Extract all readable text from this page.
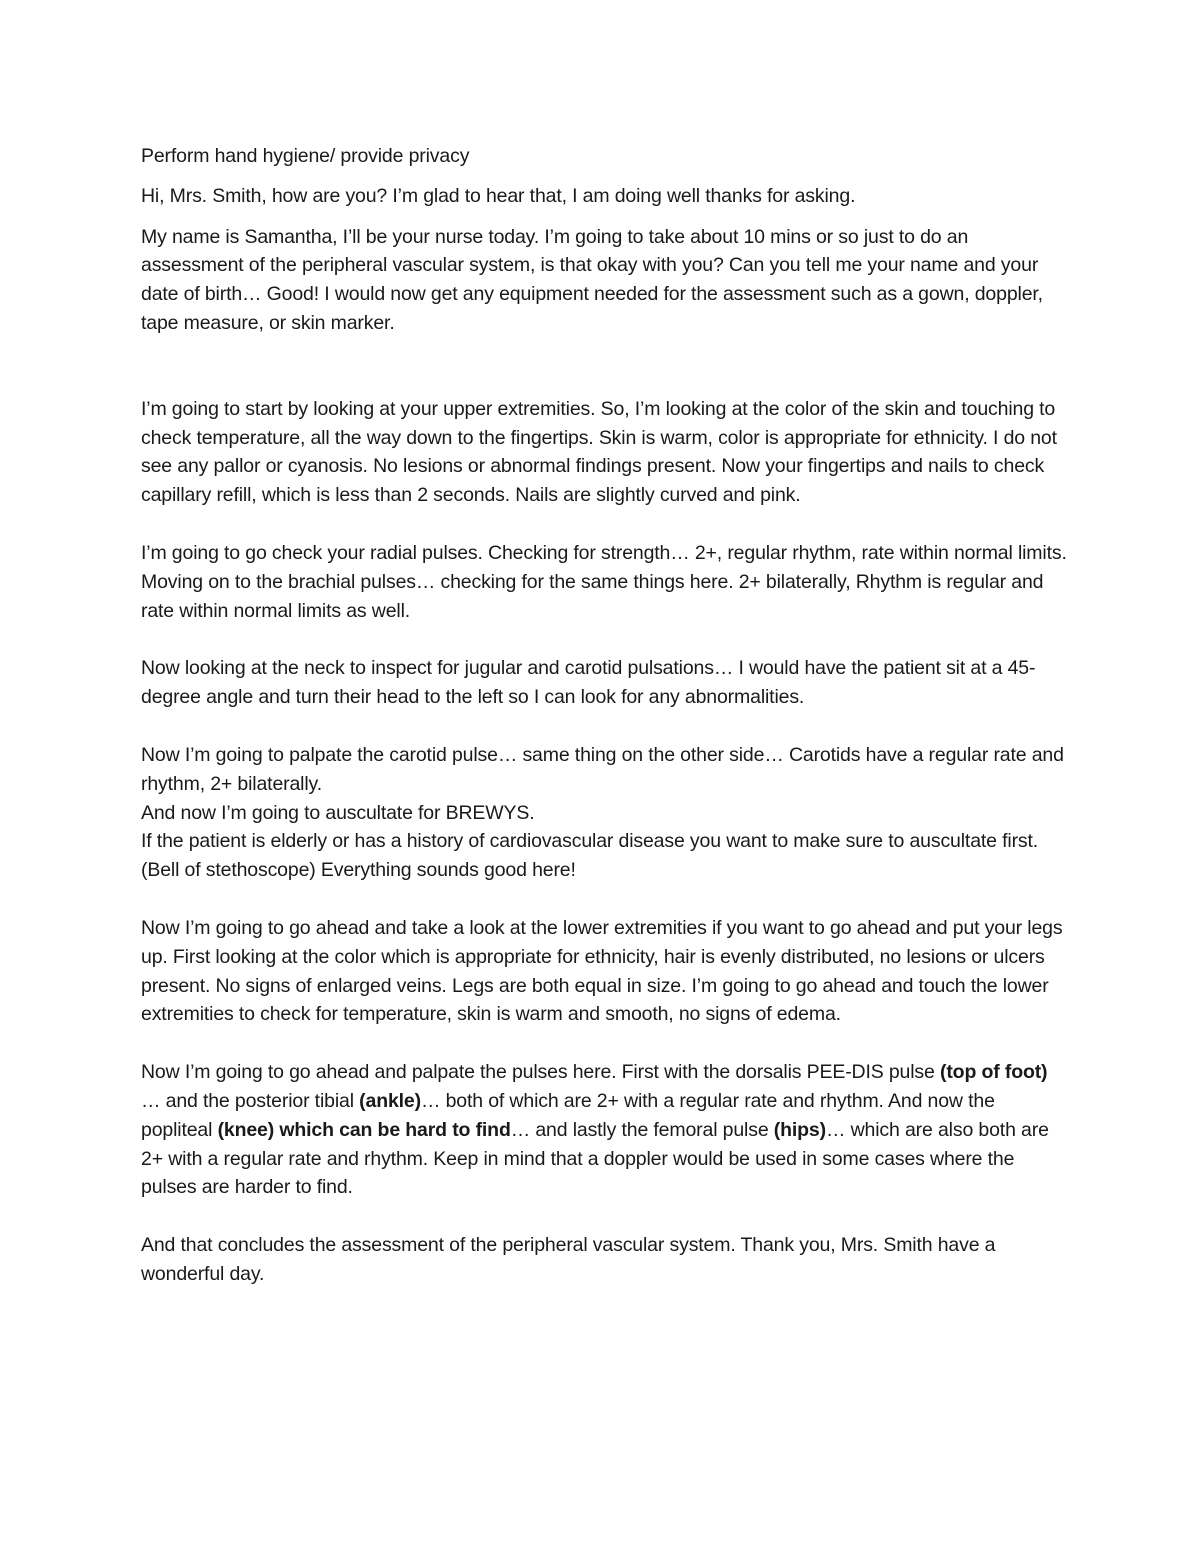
Perform hand hygiene/ provide privacy

Hi, Mrs. Smith, how are you? I’m glad to hear that, I am doing well thanks for asking.

My name is Samantha, I’ll be your nurse today. I’m going to take about 10 mins or so just to do an assessment of the peripheral vascular system, is that okay with you? Can you tell me your name and your date of birth… Good! I would now get any equipment needed for the assessment such as a gown, doppler, tape measure, or skin marker.

I’m going to start by looking at your upper extremities. So, I’m looking at the color of the skin and touching to check temperature, all the way down to the fingertips. Skin is warm, color is appropriate for ethnicity. I do not see any pallor or cyanosis. No lesions or abnormal findings present. Now your fingertips and nails to check capillary refill, which is less than 2 seconds. Nails are slightly curved and pink.

I’m going to go check your radial pulses. Checking for strength… 2+, regular rhythm, rate within normal limits. Moving on to the brachial pulses… checking for the same things here. 2+ bilaterally, Rhythm is regular and rate within normal limits as well.

Now looking at the neck to inspect for jugular and carotid pulsations… I would have the patient sit at a 45-degree angle and turn their head to the left so I can look for any abnormalities.

Now I’m going to palpate the carotid pulse… same thing on the other side… Carotids have a regular rate and rhythm, 2+ bilaterally.

And now I’m going to auscultate for BREWYS.

If the patient is elderly or has a history of cardiovascular disease you want to make sure to auscultate first.

(Bell of stethoscope) Everything sounds good here!

Now I’m going to go ahead and take a look at the lower extremities if you want to go ahead and put your legs up. First looking at the color which is appropriate for ethnicity, hair is evenly distributed, no lesions or ulcers present. No signs of enlarged veins. Legs are both equal in size. I’m going to go ahead and touch the lower extremities to check for temperature, skin is warm and smooth, no signs of edema.

Now I’m going to go ahead and palpate the pulses here. First with the dorsalis PEE-DIS pulse (top of foot) … and the posterior tibial (ankle)… both of which are 2+ with a regular rate and rhythm. And now the popliteal (knee) which can be hard to find… and lastly the femoral pulse (hips)… which are also both are 2+ with a regular rate and rhythm. Keep in mind that a doppler would be used in some cases where the pulses are harder to find.

And that concludes the assessment of the peripheral vascular system. Thank you, Mrs. Smith have a wonderful day.
